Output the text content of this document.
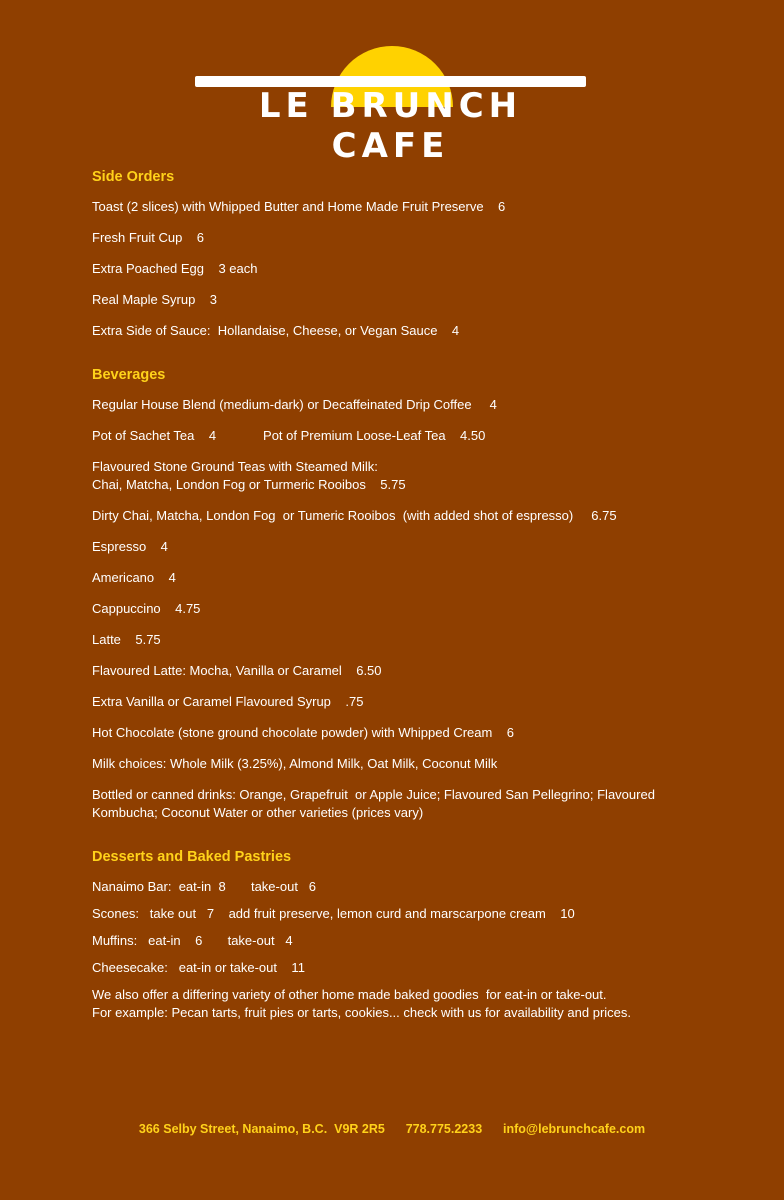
LE BRUNCH CAFE
Side Orders
Toast (2 slices) with Whipped Butter and Home Made Fruit Preserve    6
Fresh Fruit Cup    6
Extra Poached Egg    3 each
Real Maple Syrup    3
Extra Side of Sauce:  Hollandaise, Cheese, or Vegan Sauce    4
Beverages
Regular House Blend (medium-dark) or Decaffeinated Drip Coffee     4
Pot of Sachet Tea    4             Pot of Premium Loose-Leaf Tea    4.50
Flavoured Stone Ground Teas with Steamed Milk:
Chai, Matcha, London Fog or Turmeric Rooibos    5.75
Dirty Chai, Matcha, London Fog  or Tumeric Rooibos  (with added shot of espresso)     6.75
Espresso    4
Americano    4
Cappuccino    4.75
Latte    5.75
Flavoured Latte: Mocha, Vanilla or Caramel    6.50
Extra Vanilla or Caramel Flavoured Syrup    .75
Hot Chocolate (stone ground chocolate powder) with Whipped Cream    6
Milk choices: Whole Milk (3.25%), Almond Milk, Oat Milk, Coconut Milk
Bottled or canned drinks: Orange, Grapefruit  or Apple Juice; Flavoured San Pellegrino; Flavoured
Kombucha; Coconut Water or other varieties (prices vary)
Desserts and Baked Pastries
Nanaimo Bar:  eat-in  8       take-out   6
Scones:   take out   7    add fruit preserve, lemon curd and marscarpone cream    10
Muffins:   eat-in    6       take-out   4
Cheesecake:   eat-in or take-out    11
We also offer a differing variety of other home made baked goodies  for eat-in or take-out.
For example: Pecan tarts, fruit pies or tarts, cookies... check with us for availability and prices.
366 Selby Street, Nanaimo, B.C.  V9R 2R5 778.775.2233 info@lebrunchcafe.com
